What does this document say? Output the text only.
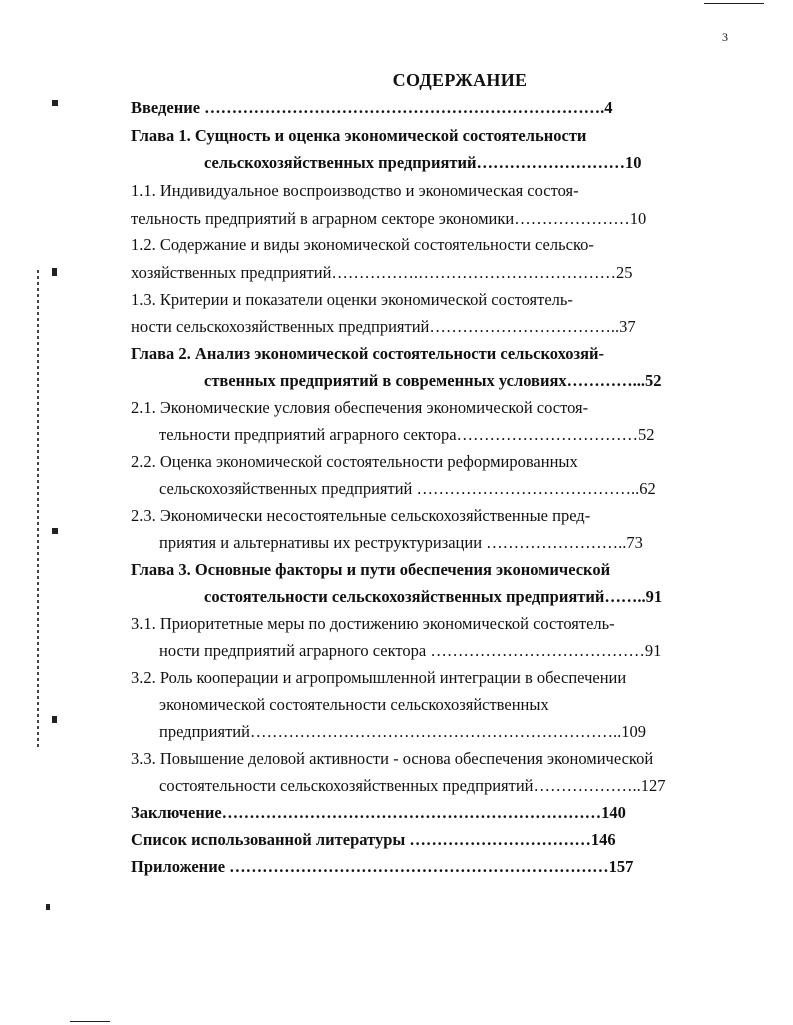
3
СОДЕРЖАНИЕ
Введение ……………………………………………………………….4
Глава 1. Сущность и оценка экономической состоятельности
сельскохозяйственных предприятий………………………10
1.1. Индивидуальное воспроизводство и экономическая состоя-
тельность предприятий в аграрном секторе экономики…………………10
1.2. Содержание и виды экономической состоятельности сельско-
хозяйственных предприятий…………….………………………………25
1.3. Критерии и показатели оценки экономической состоятель-
ности сельскохозяйственных предприятий……………………………..37
Глава 2. Анализ экономической состоятельности сельскохозяй-
ственных предприятий в современных условиях…………...52
2.1. Экономические условия обеспечения экономической состоя-
тельности предприятий аграрного сектора……………………………52
2.2. Оценка экономической состоятельности реформированных
сельскохозяйственных предприятий …………………………………..62
2.3. Экономически несостоятельные сельскохозяйственные пред-
приятия и альтернативы их реструктуризации ……………………..73
Глава 3. Основные факторы и пути обеспечения экономической
состоятельности сельскохозяйственных предприятий……..91
3.1. Приоритетные меры по достижению экономической состоятель-
ности предприятий аграрного сектора …………………………………91
3.2. Роль кооперации и агропромышленной интеграции в обеспечении
экономической состоятельности сельскохозяйственных
предприятий…………………………………………………………..109
3.3. Повышение деловой активности - основа обеспечения экономической
состоятельности сельскохозяйственных предприятий………………..127
Заключение……………………………………………………………140
Список использованной литературы ……………………………146
Приложение ……………………………………………………………157
